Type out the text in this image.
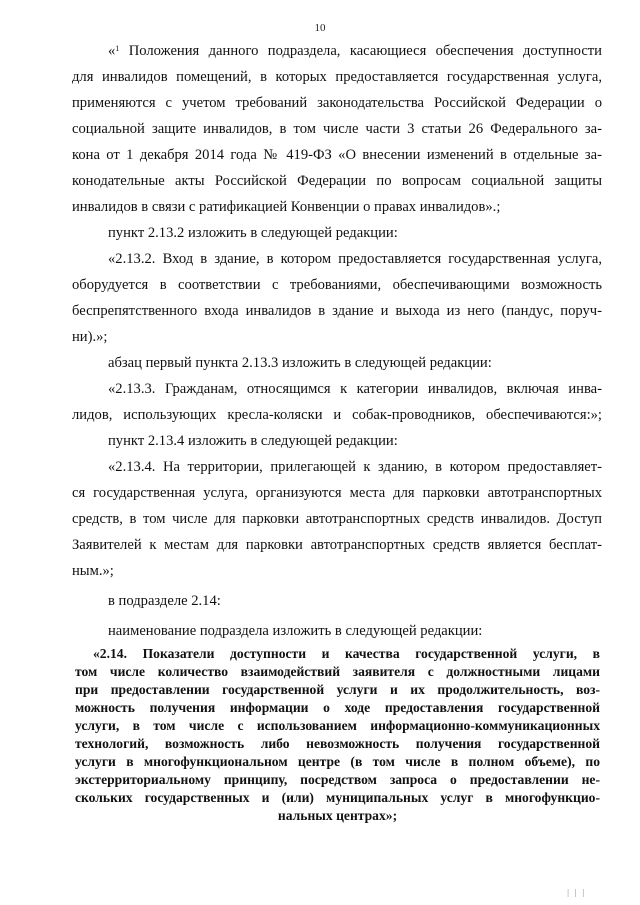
10
«$^1$ Положения данного подраздела, касающиеся обеспечения доступности
для инвалидов помещений, в которых предоставляется государственная услуга,
применяются с учетом требований законодательства Российской Федерации о
социальной защите инвалидов, в том числе части 3 статьи 26 Федерального за-
кона от 1 декабря 2014 года № 419-ФЗ «О внесении изменений в отдельные за-
конодательные акты Российской Федерации по вопросам социальной защиты
инвалидов в связи с ратификацией Конвенции о правах инвалидов».;
пункт 2.13.2 изложить в следующей редакции:
«2.13.2. Вход в здание, в котором предоставляется государственная услуга,
оборудуется в соответствии с требованиями, обеспечивающими возможность
беспрепятственного входа инвалидов в здание и выхода из него (пандус, поруч-
ни).»;
абзац первый пункта 2.13.3 изложить в следующей редакции:
«2.13.3. Гражданам, относящимся к категории инвалидов, включая инва-
лидов, использующих кресла-коляски и собак-проводников, обеспечиваются:»;
пункт 2.13.4 изложить в следующей редакции:
«2.13.4. На территории, прилегающей к зданию, в котором предоставляет-
ся государственная услуга, организуются места для парковки автотранспортных
средств, в том числе для парковки автотранспортных средств инвалидов. Доступ
Заявителей к местам для парковки автотранспортных средств является бесплат-
ным.»;
в подразделе 2.14:
наименование подраздела изложить в следующей редакции:
«2.14. Показатели доступности и качества государственной услуги, в
том числе количество взаимодействий заявителя с должностными лицами
при предоставлении государственной услуги и их продолжительность, воз-
можность получения информации о ходе предоставления государственной
услуги, в том числе с использованием информационно-коммуникационных
технологий, возможность либо невозможность получения государственной
услуги в многофункциональном центре (в том числе в полном объеме), по
экстерриториальному принципу, посредством запроса о предоставлении не-
скольких государственных и (или) муниципальных услуг в многофункцио-
нальных центрах»;
| | |
